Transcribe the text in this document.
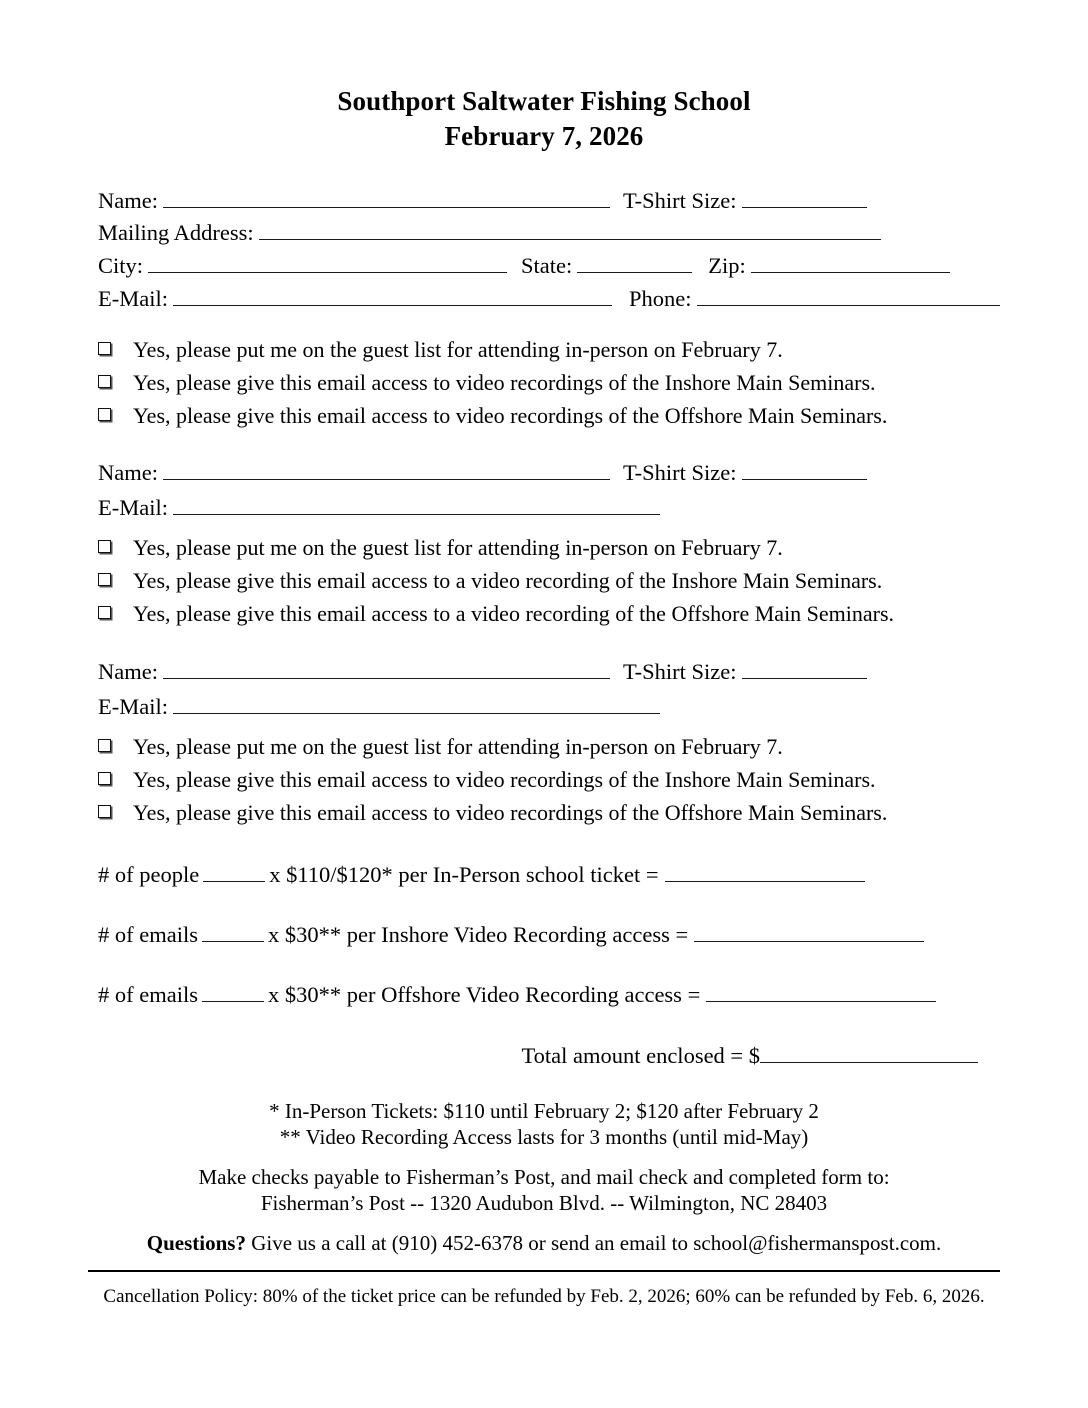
Southport Saltwater Fishing School
February 7, 2026
Name:	T-Shirt Size:
Mailing Address:
City:	State:	Zip:
E-Mail:	Phone:
Yes, please put me on the guest list for attending in-person on February 7.
Yes, please give this email access to video recordings of the Inshore Main Seminars.
Yes, please give this email access to video recordings of the Offshore Main Seminars.
Name:	T-Shirt Size:
E-Mail:
Yes, please put me on the guest list for attending in-person on February 7.
Yes, please give this email access to a video recording of the Inshore Main Seminars.
Yes, please give this email access to a video recording of the Offshore Main Seminars.
Name:	T-Shirt Size:
E-Mail:
Yes, please put me on the guest list for attending in-person on February 7.
Yes, please give this email access to video recordings of the Inshore Main Seminars.
Yes, please give this email access to video recordings of the Offshore Main Seminars.
# of people	x $110/$120* per In-Person school ticket =
# of emails	x $30** per Inshore Video Recording access =
# of emails	x $30** per Offshore Video Recording access =
Total amount enclosed = $
* In-Person Tickets: $110 until February 2; $120 after February 2
** Video Recording Access lasts for 3 months (until mid-May)
Make checks payable to Fisherman’s Post, and mail check and completed form to:
Fisherman’s Post -- 1320 Audubon Blvd. -- Wilmington, NC 28403
Questions? Give us a call at (910) 452-6378 or send an email to school@fishermanspost.com.
Cancellation Policy: 80% of the ticket price can be refunded by Feb. 2, 2026; 60% can be refunded by Feb. 6, 2026.
